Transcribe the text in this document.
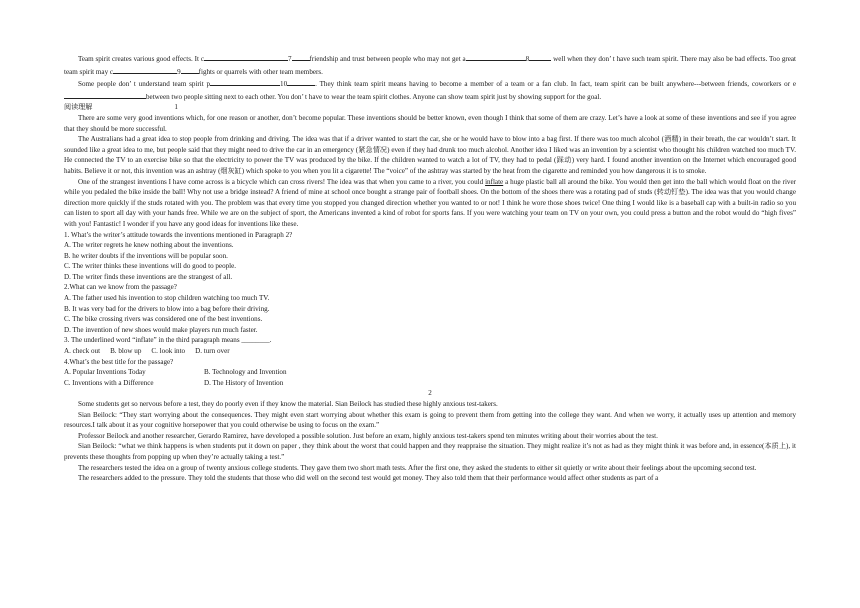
Team spirit creates various good effects. It c	7	friendship and trust between people who may not get a	8	well when they don’ t have such team spirit. There may also be bad effects. Too great team spirit may c	9	fights or quarrels with other team members.

Some people don’ t understand team spirit p	10	. They think team spirit means having to become a member of a team or a fan club. In fact, team spirit can be built anywhere---between friends, coworkers or ebetween two people sitting next to each other. You don’ t have to wear the team spirit clothes. Anyone can show team spirit just by showing support for the goal.

阅读理解	1

There are some very good inventions which, for one reason or another, don’t become popular. These inventions should be better known, even though I think that some of them are crazy. Let’s have a look at some of these inventions and see if you agree that they should be more successful.

The Australians had a great idea to stop people from drinking and driving. The idea was that if a driver wanted to start the car, she or he would have to blow into a bag first. If there was too much alcohol (酒精) in their breath, the car wouldn’t start. It sounded like a great idea to me, but people said that they might need to drive the car in an emergency (紧急情况) even if they had drunk too much alcohol. Another idea I liked was an invention by a scientist who thought his children watched too much TV. He connected the TV to an exercise bike so that the electricity to power the TV was produced by the bike. If the children wanted to watch a lot of TV, they had to pedal (踩动) very hard. I found another invention on the Internet which encouraged good habits. Believe it or not, this invention was an ashtray (烟灰缸) which spoke to you when you lit a cigarette! The “voice” of the ashtray was started by the heat from the cigarette and reminded you how dangerous it is to smoke.

One of the strangest inventions I have come across is a bicycle which can cross rivers! The idea was that when you came to a river, you could inflate a huge plastic ball all around the bike. You would then get into the ball which would float on the river while you pedaled the bike inside the ball! Why not use a bridge instead? A friend of mine at school once bought a strange pair of football shoes. On the bottom of the shoes there was a rotating pad of studs (转动钉垫). The idea was that you would change direction more quickly if the studs rotated with you. The problem was that every time you stopped you changed direction whether you wanted to or not! I think he wore those shoes twice! One thing I would like is a baseball cap with a built-in radio so you can listen to sport all day with your hands free. While we are on the subject of sport, the Americans invented a kind of robot for sports fans. If you were watching your team on TV on your own, you could press a button and the robot would do “high fives” with you! Fantastic! I wonder if you have any good ideas for inventions like these.

1. What’s the writer’s attitude towards the inventions mentioned in Paragraph 2?
A. The writer regrets he knew nothing about the inventions.
B. he writer doubts if the inventions will be popular soon.
C. The writer thinks these inventions will do good to people.
D. The writer finds these inventions are the strangest of all.
2.What can we know from the passage?
A. The father used his invention to stop children watching too much TV.
B. It was very bad for the drivers to blow into a bag before their driving.
C. The bike crossing rivers was considered one of the best inventions.
D. The invention of new shoes would make players run much faster.
3. The underlined word “inflate” in the third paragraph means ________.
A. check out B. blow up C. look into D. turn over
4.What’s the best title for the passage?
A. Popular Inventions Today	B. Technology and Invention
C. Inventions with a Difference	D. The History of Invention
2

Some students get so nervous before a test, they do poorly even if they know the material. Sian Beilock has studied these highly anxious test-takers.

Sian Beilock: “They start worrying about the consequences. They might even start worrying about whether this exam is going to prevent them from getting into the college they want. And when we worry, it actually uses up attention and memory resources.I talk about it as your cognitive horsepower that you could otherwise be using to focus on the exam.”

Professor Beilock and another researcher, Gerardo Ramirez, have developed a possible solution. Just before an exam, highly anxious test-takers spend ten minutes writing about their worries about the test.

Sian Beilock: “what we think happens is when students put it down on paper , they think about the worst that could happen and they reappraise the situation. They might realize it’s not as had as they might think it was before and, in essence(本质上), it prevents these thoughts from popping up when they’re actually taking a test.”

The researchers tested the idea on a group of twenty anxious college students. They gave them two short math tests. After the first one, they asked the students to either sit quietly or write about their feelings about the upcoming second test.

The researchers added to the pressure. They told the students that those who did well on the second test would get money. They also told them that their performance would affect other students as part of a
